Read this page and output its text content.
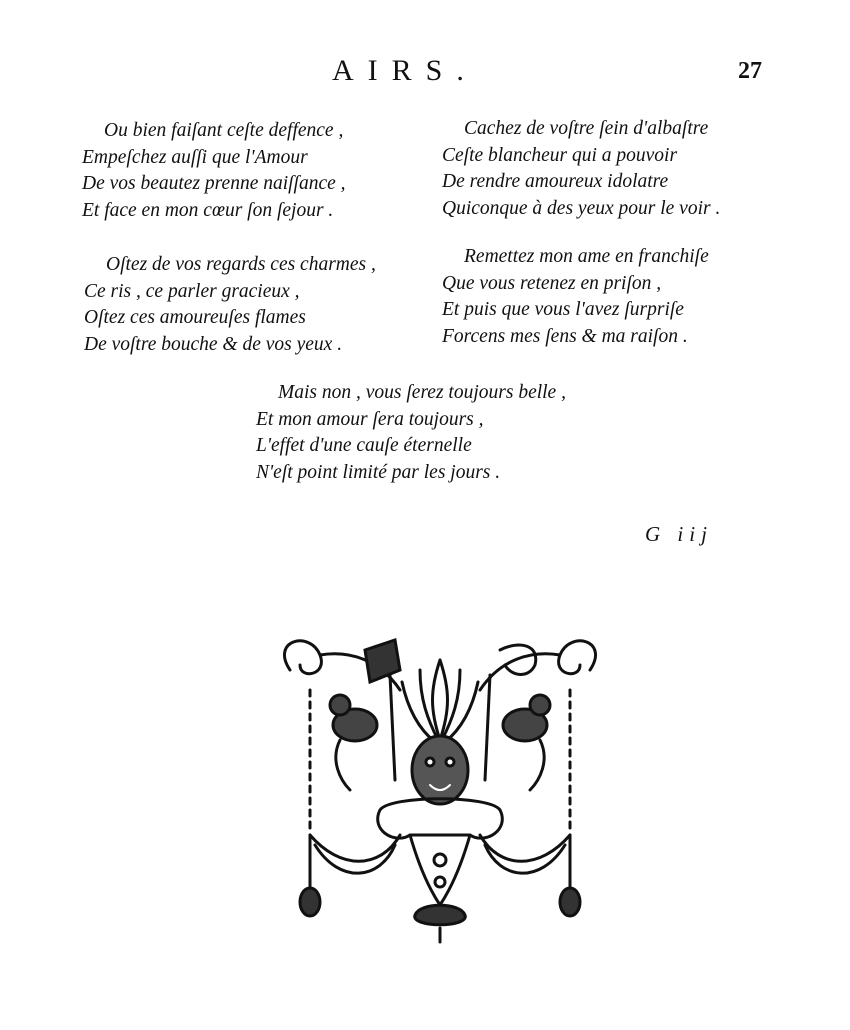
AIRS.	27
Ou bien faiſant ceſte deffence ,
Empeſchez auſſi que l'Amour
De vos beautez prenne naiſſance ,
Et face en mon cœur ſon ſejour .
Cachez de voſtre ſein d'albaſtre
Ceſte blancheur qui a pouvoir
De rendre amoureux idolatre
Quiconque à des yeux pour le voir .
Oſtez de vos regards ces charmes ,
Ce ris , ce parler gracieux ,
Oſtez ces amoureuſes flames
De voſtre bouche & de vos yeux .
Remettez mon ame en franchiſe
Que vous retenez en priſon ,
Et puis que vous l'avez ſurpriſe
Forcens mes ſens & ma raiſon .
Mais non , vous ſerez toujours belle ,
Et mon amour ſera toujours ,
L'effet d'une cauſe éternelle
N'eſt point limité par les jours .
G iij
